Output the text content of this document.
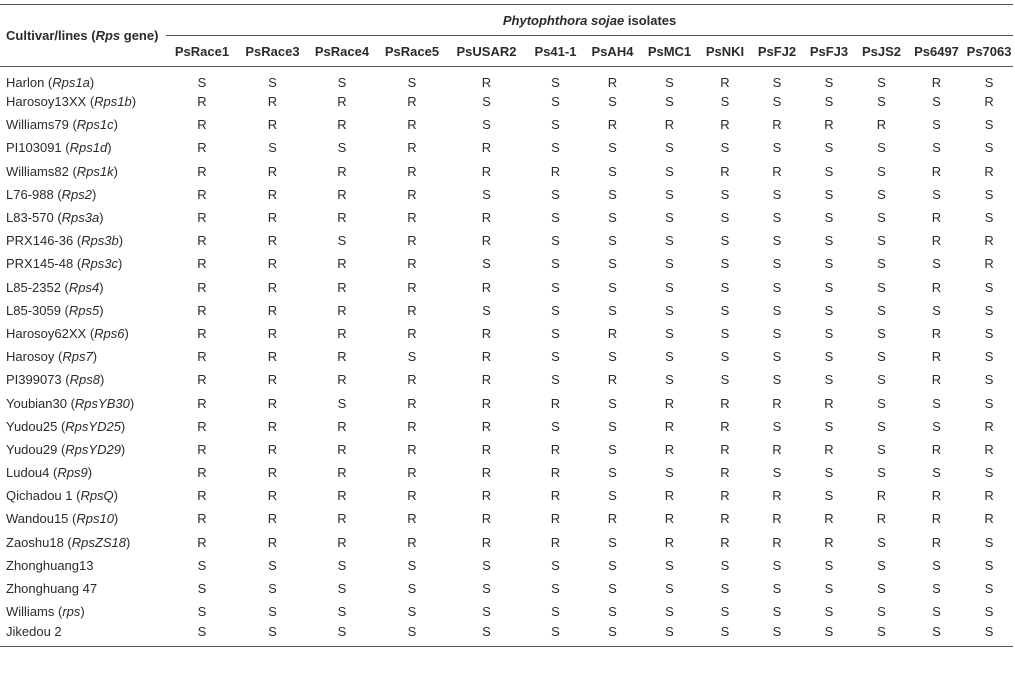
Cultivar/lines (Rps gene)	Phytophthora sojae isolates													
	PsRace1	PsRace3	PsRace4	PsRace5	PsUSAR2	Ps41-1	PsAH4	PsMC1	PsNKI	PsFJ2	PsFJ3	PsJS2	Ps6497	Ps7063
Harlon (Rps1a)	S	S	S	S	R	S	R	S	R	S	S	S	R	S
Harosoy13XX (Rps1b)	R	R	R	R	S	S	S	S	S	S	S	S	S	R
Williams79 (Rps1c)	R	R	R	R	S	S	R	R	R	R	R	R	S	S
PI103091 (Rps1d)	R	S	S	R	R	S	S	S	S	S	S	S	S	S
Williams82 (Rps1k)	R	R	R	R	R	R	S	S	R	R	S	S	R	R
L76-988 (Rps2)	R	R	R	R	S	S	S	S	S	S	S	S	S	S
L83-570 (Rps3a)	R	R	R	R	R	S	S	S	S	S	S	S	R	S
PRX146-36 (Rps3b)	R	R	S	R	R	S	S	S	S	S	S	S	R	R
PRX145-48 (Rps3c)	R	R	R	R	S	S	S	S	S	S	S	S	S	R
L85-2352 (Rps4)	R	R	R	R	R	S	S	S	S	S	S	S	R	S
L85-3059 (Rps5)	R	R	R	R	S	S	S	S	S	S	S	S	S	S
Harosoy62XX (Rps6)	R	R	R	R	R	S	R	S	S	S	S	S	R	S
Harosoy (Rps7)	R	R	R	S	R	S	S	S	S	S	S	S	R	S
PI399073 (Rps8)	R	R	R	R	R	S	R	S	S	S	S	S	R	S
Youbian30 (RpsYB30)	R	R	S	R	R	R	S	R	R	R	R	S	S	S
Yudou25 (RpsYD25)	R	R	R	R	R	S	S	R	R	S	S	S	S	R
Yudou29 (RpsYD29)	R	R	R	R	R	R	S	R	R	R	R	S	R	R
Ludou4 (Rps9)	R	R	R	R	R	R	S	S	R	S	S	S	S	S
Qichadou 1 (RpsQ)	R	R	R	R	R	R	S	R	R	R	S	R	R	R
Wandou15 (Rps10)	R	R	R	R	R	R	R	R	R	R	R	R	R	R
Zaoshu18 (RpsZS18)	R	R	R	R	R	R	S	R	R	R	R	S	R	S
Zhonghuang13	S	S	S	S	S	S	S	S	S	S	S	S	S	S
Zhonghuang 47	S	S	S	S	S	S	S	S	S	S	S	S	S	S
Williams (rps)	S	S	S	S	S	S	S	S	S	S	S	S	S	S
Jikedou 2	S	S	S	S	S	S	S	S	S	S	S	S	S	S
